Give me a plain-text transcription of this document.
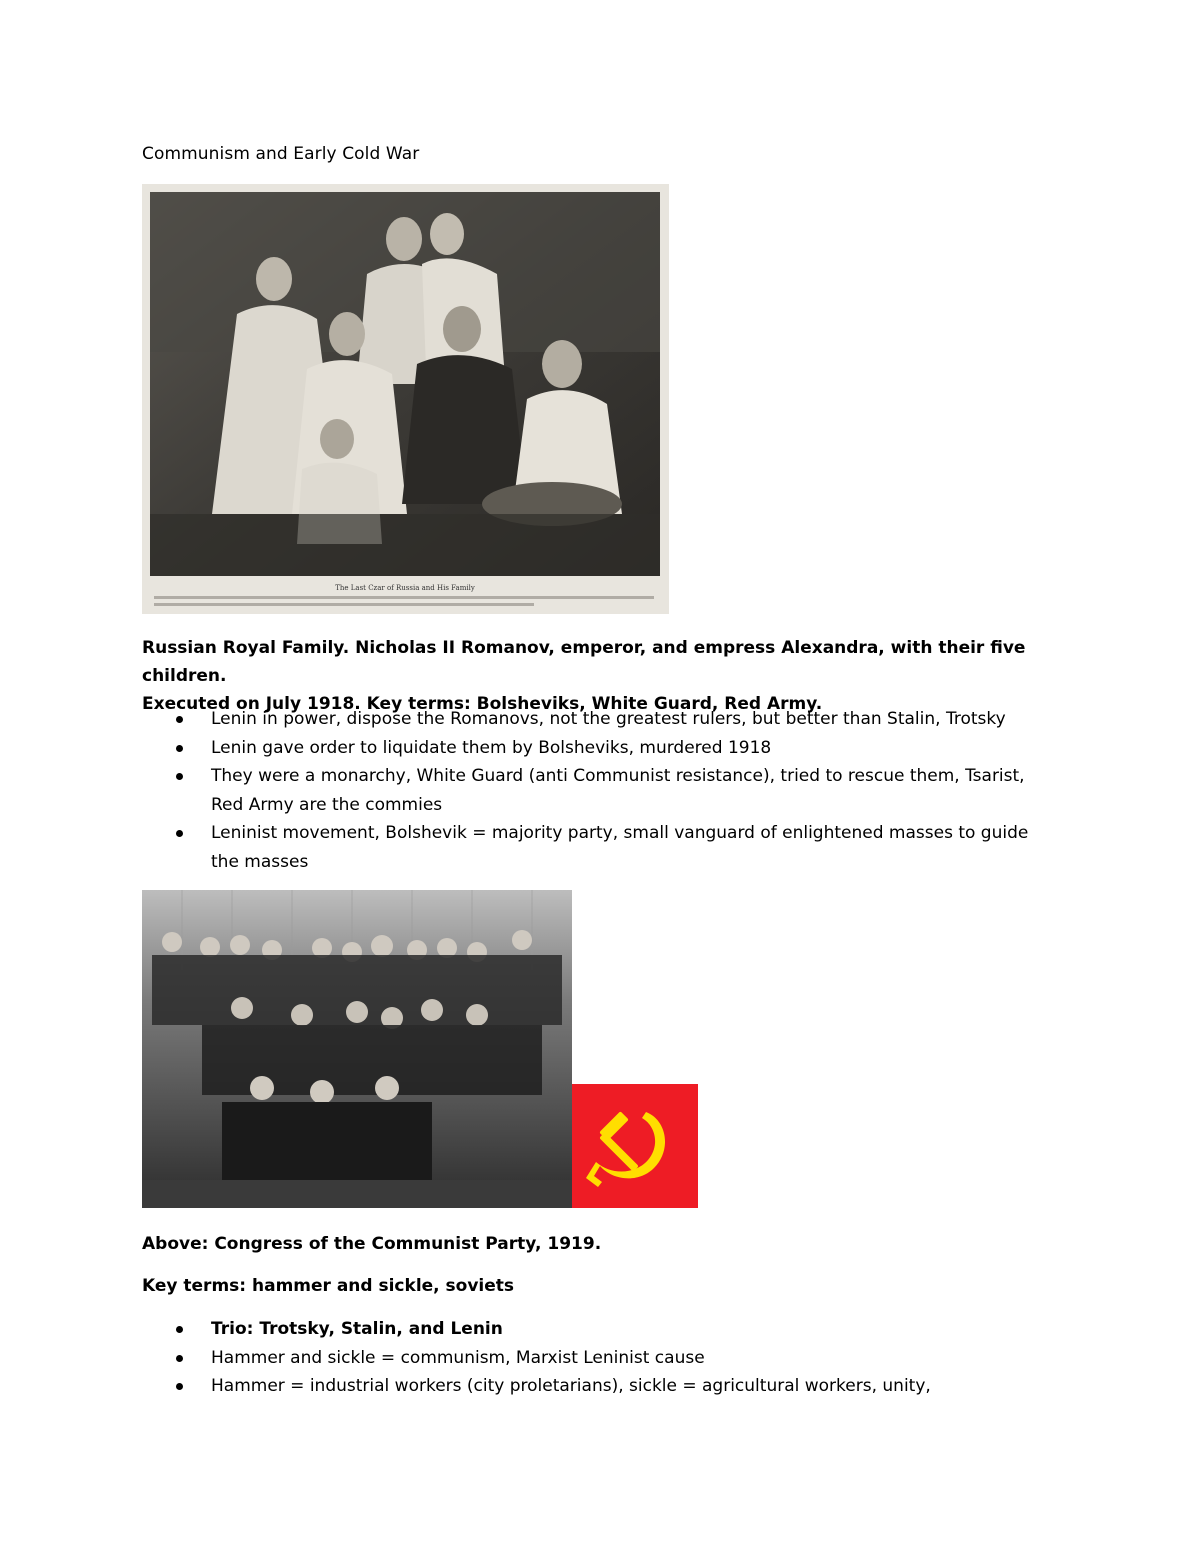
Communism and Early Cold War
The Last Czar of Russia and His Family
Russian Royal Family. Nicholas II Romanov, emperor, and empress Alexandra, with their five children.
Executed on July 1918. Key terms: Bolsheviks, White Guard, Red Army.
Lenin in power, dispose the Romanovs, not the greatest rulers, but better than Stalin, Trotsky
Lenin gave order to liquidate them by Bolsheviks, murdered 1918
They were a monarchy, White Guard (anti Communist resistance), tried to rescue them, Tsarist, Red Army are the commies
Leninist movement, Bolshevik = majority party, small vanguard of enlightened masses to guide the masses
Above: Congress of the Communist Party, 1919.
Key terms: hammer and sickle, soviets
Trio: Trotsky, Stalin, and Lenin
Hammer and sickle = communism, Marxist Leninist cause
Hammer = industrial workers (city proletarians), sickle = agricultural workers, unity,
